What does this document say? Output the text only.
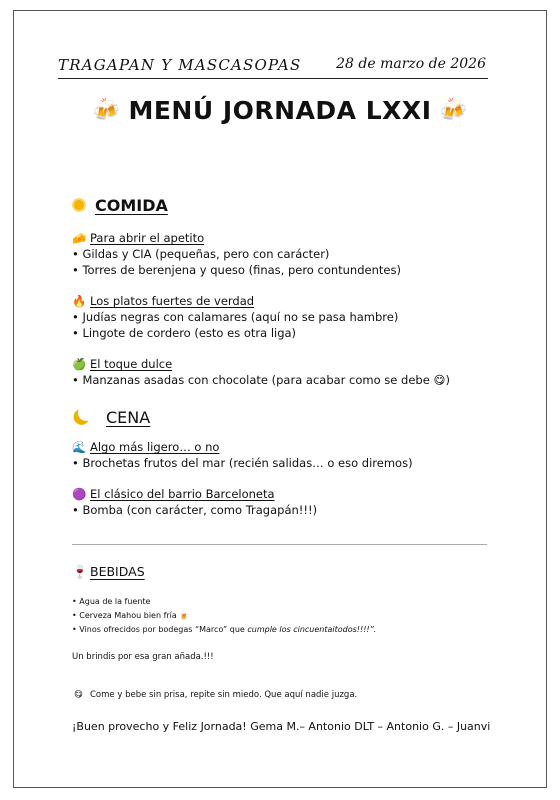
TRAGAPAN Y MASCASOPAS 28 de marzo de 2026
🍻 MENÚ JORNADA LXXI 🍻
COMIDA
🧀 Para abrir el apetito
• Gildas y CIA (pequeñas, pero con carácter)
• Torres de berenjena y queso (finas, pero contundentes)
🔥 Los platos fuertes de verdad
• Judías negras con calamares (aquí no se pasa hambre)
• Lingote de cordero (esto es otra liga)
🍏 El toque dulce
• Manzanas asadas con chocolate (para acabar como se debe 😋)
CENA
🌊 Algo más ligero… o no
• Brochetas frutos del mar (recién salidas… o eso diremos)
🟣 El clásico del barrio Barceloneta
• Bomba (con carácter, como Tragapán!!!)
🍷 BEBIDAS
• Agua de la fuente
• Cerveza Mahou bien fría 🍺
• Vinos ofrecidos por bodegas “Marco” que cumple los cincuentaitodos!!!!”.
Un brindis por esa gran añada.!!!
😋 Come y bebe sin prisa, repite sin miedo. Que aquí nadie juzga.
¡Buen provecho y Feliz Jornada! Gema M.– Antonio DLT – Antonio G. – Juanvi
